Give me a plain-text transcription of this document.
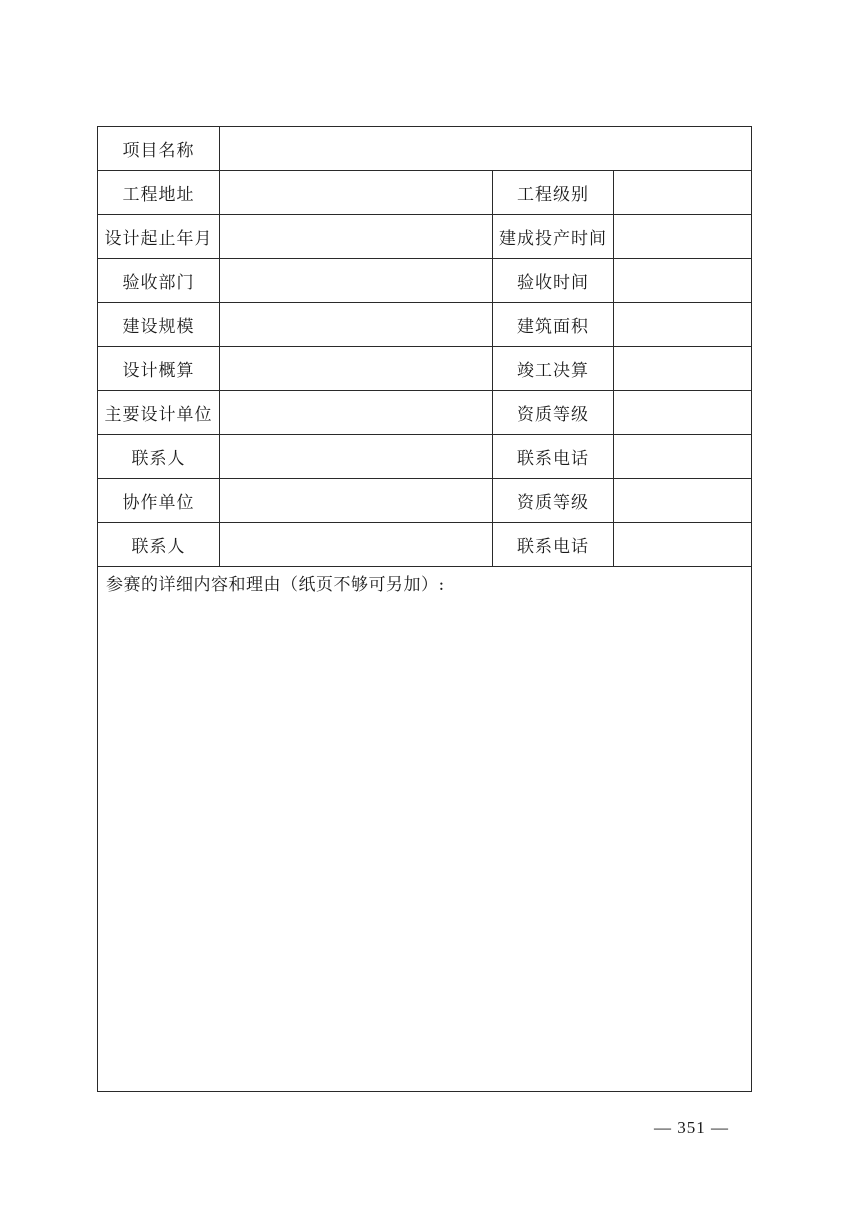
项目名称			
工程地址		工程级别	
设计起止年月		建成投产时间	
验收部门		验收时间	
建设规模		建筑面积	
设计概算		竣工决算	
主要设计单位		资质等级	
联系人		联系电话	
协作单位		资质等级	
联系人		联系电话	
参赛的详细内容和理由（纸页不够可另加）:			
— 351 —
